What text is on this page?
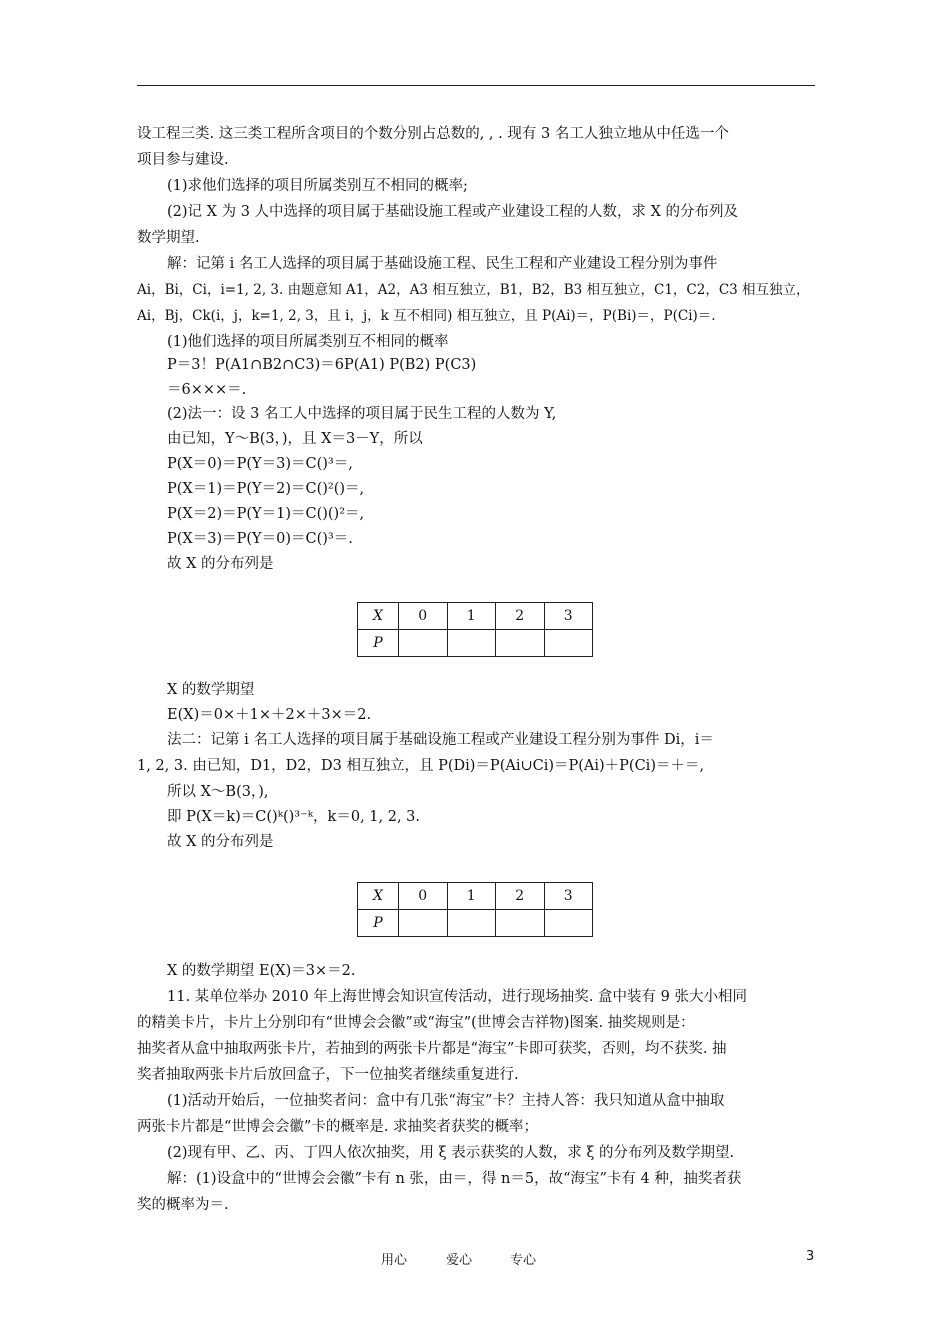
设工程三类. 这三类工程所含项目的个数分别占总数的, , . 现有 3 名工人独立地从中任选一个
项目参与建设.
(1)求他们选择的项目所属类别互不相同的概率;
(2)记 X 为 3 人中选择的项目属于基础设施工程或产业建设工程的人数，求 X 的分布列及
数学期望.
解：记第 i 名工人选择的项目属于基础设施工程、民生工程和产业建设工程分别为事件
Ai，Bi，Ci，i=1, 2, 3. 由题意知 A1，A2，A3 相互独立，B1，B2，B3 相互独立，C1，C2，C3 相互独立，
Ai，Bj，Ck(i，j，k=1, 2, 3，且 i，j，k 互不相同) 相互独立，且 P(Ai)＝，P(Bi)＝，P(Ci)＝.
(1)他们选择的项目所属类别互不相同的概率
P＝3！P(A1∩B2∩C3)＝6P(A1) P(B2) P(C3)
＝6×××＝.
(2)法一：设 3 名工人中选择的项目属于民生工程的人数为 Y,
由已知，Y～B(3，)，且 X＝3－Y，所以
P(X＝0)＝P(Y＝3)＝C()³＝,
P(X＝1)＝P(Y＝2)＝C()²()＝,
P(X＝2)＝P(Y＝1)＝C()()²＝,
P(X＝3)＝P(Y＝0)＝C()³＝.
故 X 的分布列是
X	0	1	2	3
P				
X 的数学期望
E(X)＝0×＋1×＋2×＋3×＝2.
法二：记第 i 名工人选择的项目属于基础设施工程或产业建设工程分别为事件 Di，i＝
1, 2, 3. 由已知，D1，D2，D3 相互独立，且 P(Di)＝P(Ai∪Ci)＝P(Ai)＋P(Ci)＝＋＝,
所以 X～B(3，),
即 P(X＝k)＝C()ᵏ()³⁻ᵏ，k＝0, 1, 2, 3.
故 X 的分布列是
X	0	1	2	3
P				
X 的数学期望 E(X)＝3×＝2.
11. 某单位举办 2010 年上海世博会知识宣传活动，进行现场抽奖. 盒中装有 9 张大小相同
的精美卡片，卡片上分别印有“世博会会徽”或“海宝”(世博会吉祥物)图案. 抽奖规则是：
抽奖者从盒中抽取两张卡片，若抽到的两张卡片都是“海宝”卡即可获奖，否则，均不获奖. 抽
奖者抽取两张卡片后放回盒子，下一位抽奖者继续重复进行.
(1)活动开始后，一位抽奖者问：盒中有几张“海宝”卡？主持人答：我只知道从盒中抽取
两张卡片都是“世博会会徽”卡的概率是. 求抽奖者获奖的概率；
(2)现有甲、乙、丙、丁四人依次抽奖，用 ξ 表示获奖的人数，求 ξ 的分布列及数学期望.
解：(1)设盒中的“世博会会徽”卡有 n 张，由＝，得 n＝5，故“海宝”卡有 4 种，抽奖者获
奖的概率为＝.
用心	爱心	专心	3
